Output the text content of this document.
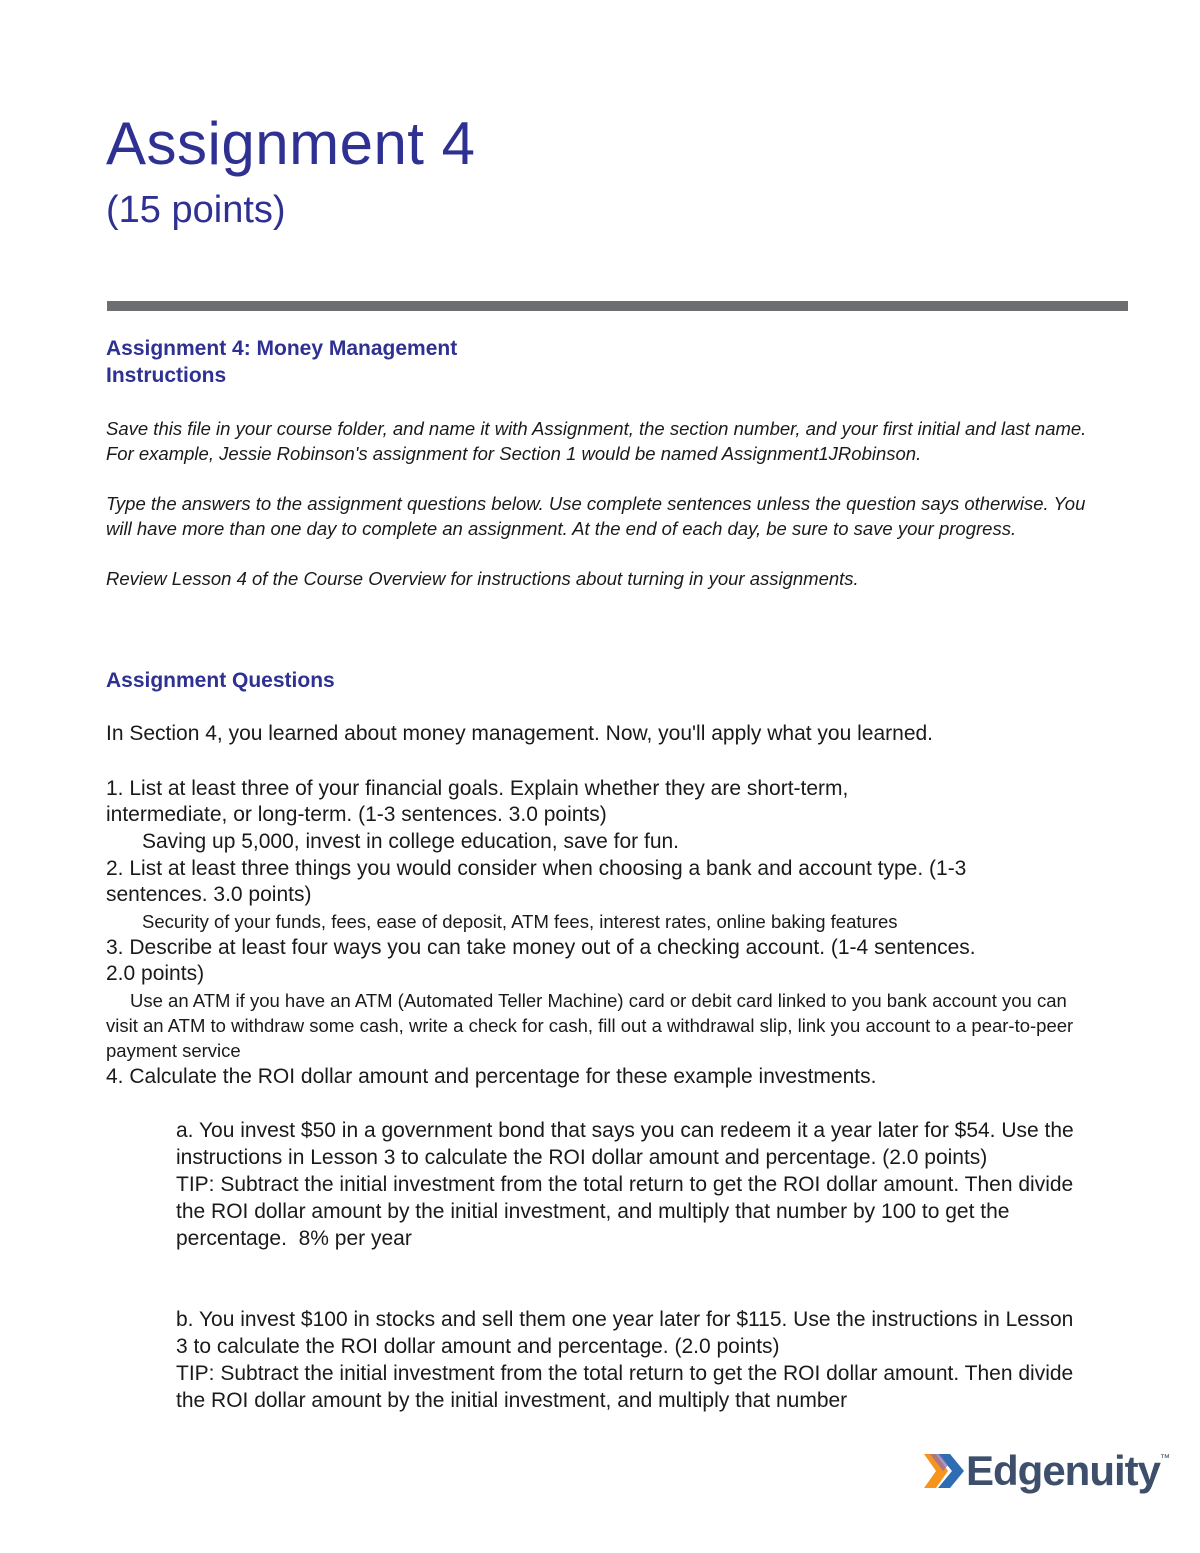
Assignment 4
(15 points)
Assignment 4: Money Management
Instructions

Save this file in your course folder, and name it with Assignment, the section number, and your first initial and last name. For example, Jessie Robinson's assignment for Section 1 would be named Assignment1JRobinson.

Type the answers to the assignment questions below. Use complete sentences unless the question says otherwise. You will have more than one day to complete an assignment. At the end of each day, be sure to save your progress.

Review Lesson 4 of the Course Overview for instructions about turning in your assignments.

Assignment Questions
In Section 4, you learned about money management. Now, you'll apply what you learned.
1. List at least three of your financial goals. Explain whether they are short-term, intermediate, or long-term. (1-3 sentences. 3.0 points)
Saving up 5,000, invest in college education, save for fun.
2. List at least three things you would consider when choosing a bank and account type. (1-3 sentences. 3.0 points)
Security of your funds, fees, ease of deposit, ATM fees, interest rates, online baking features
3. Describe at least four ways you can take money out of a checking account. (1-4 sentences. 2.0 points)
Use an ATM if you have an ATM (Automated Teller Machine) card or debit card linked to you bank account you can visit an ATM to withdraw some cash, write a check for cash, fill out a withdrawal slip, link you account to a pear-to-peer payment service
4. Calculate the ROI dollar amount and percentage for these example investments.

a. You invest $50 in a government bond that says you can redeem it a year later for $54. Use the instructions in Lesson 3 to calculate the ROI dollar amount and percentage. (2.0 points)

TIP: Subtract the initial investment from the total return to get the ROI dollar amount. Then divide the ROI dollar amount by the initial investment, and multiply that number by 100 to get the percentage. 8% per year

b. You invest $100 in stocks and sell them one year later for $115. Use the instructions in Lesson 3 to calculate the ROI dollar amount and percentage. (2.0 points)

TIP: Subtract the initial investment from the total return to get the ROI dollar amount. Then divide the ROI dollar amount by the initial investment, and multiply that number

Edgenuity ™
